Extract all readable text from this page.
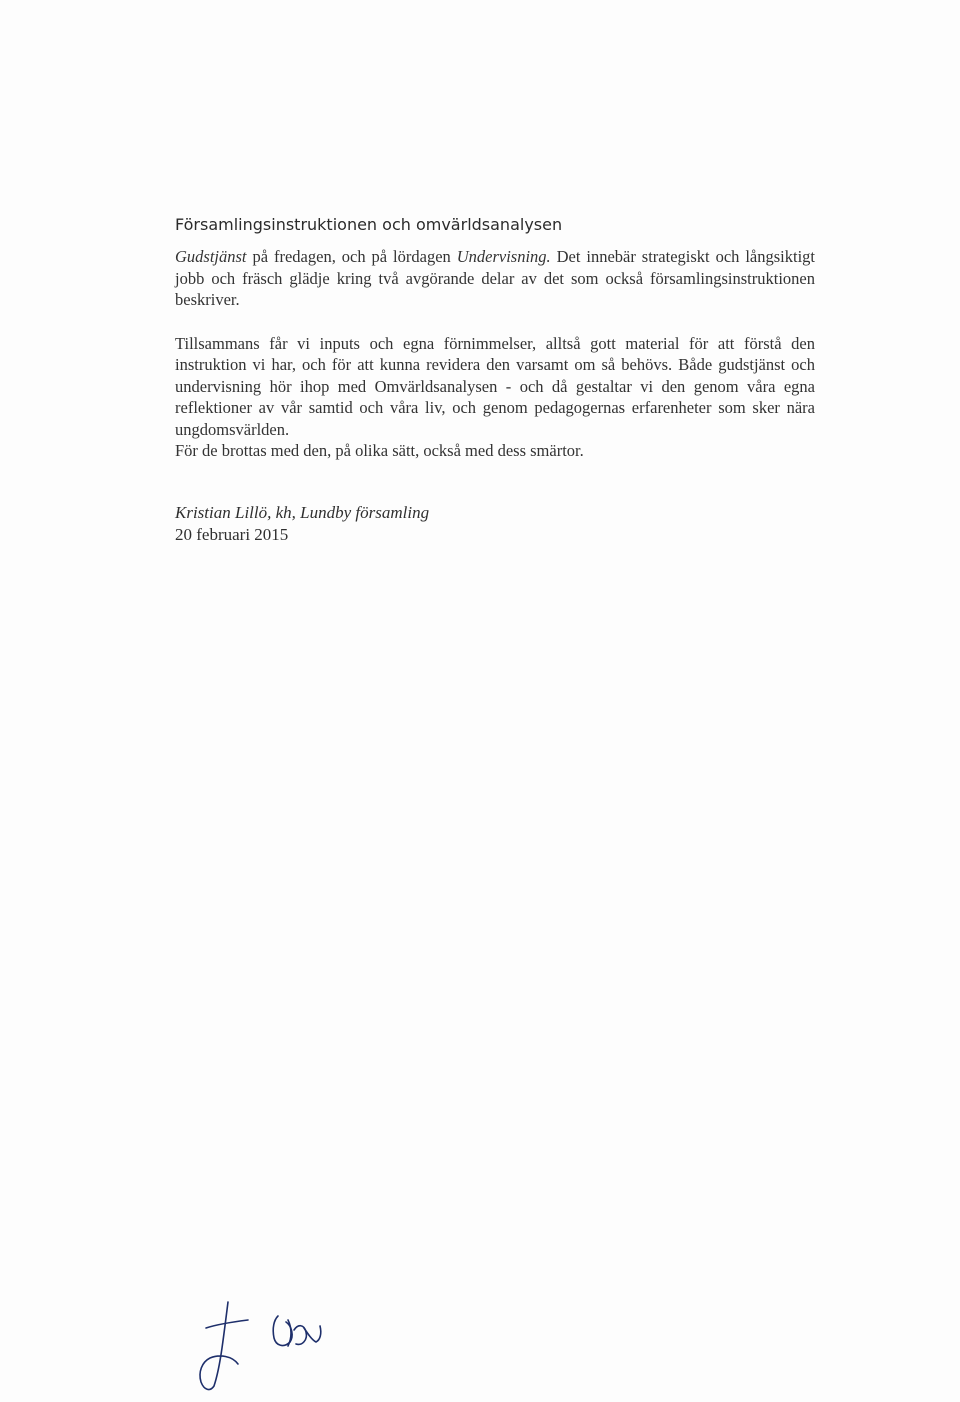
Församlingsinstruktionen och omvärldsanalysen

Gudstjänst på fredagen, och på lördagen Undervisning. Det innebär strategiskt och långsiktigt jobb och fräsch glädje kring två avgörande delar av det som också församlingsinstruktionen beskriver.

Tillsammans får vi inputs och egna förnimmelser, alltså gott material för att förstå den instruktion vi har, och för att kunna revidera den varsamt om så behövs. Både gudstjänst och undervisning hör ihop med Omvärldsanalysen - och då gestaltar vi den genom våra egna reflektioner av vår samtid och våra liv, och genom pedagogernas erfarenheter som sker nära ungdomsvärlden.

För de brottas med den, på olika sätt, också med dess smärtor.

Kristian Lillö, kh, Lundby församling
20 februari 2015
